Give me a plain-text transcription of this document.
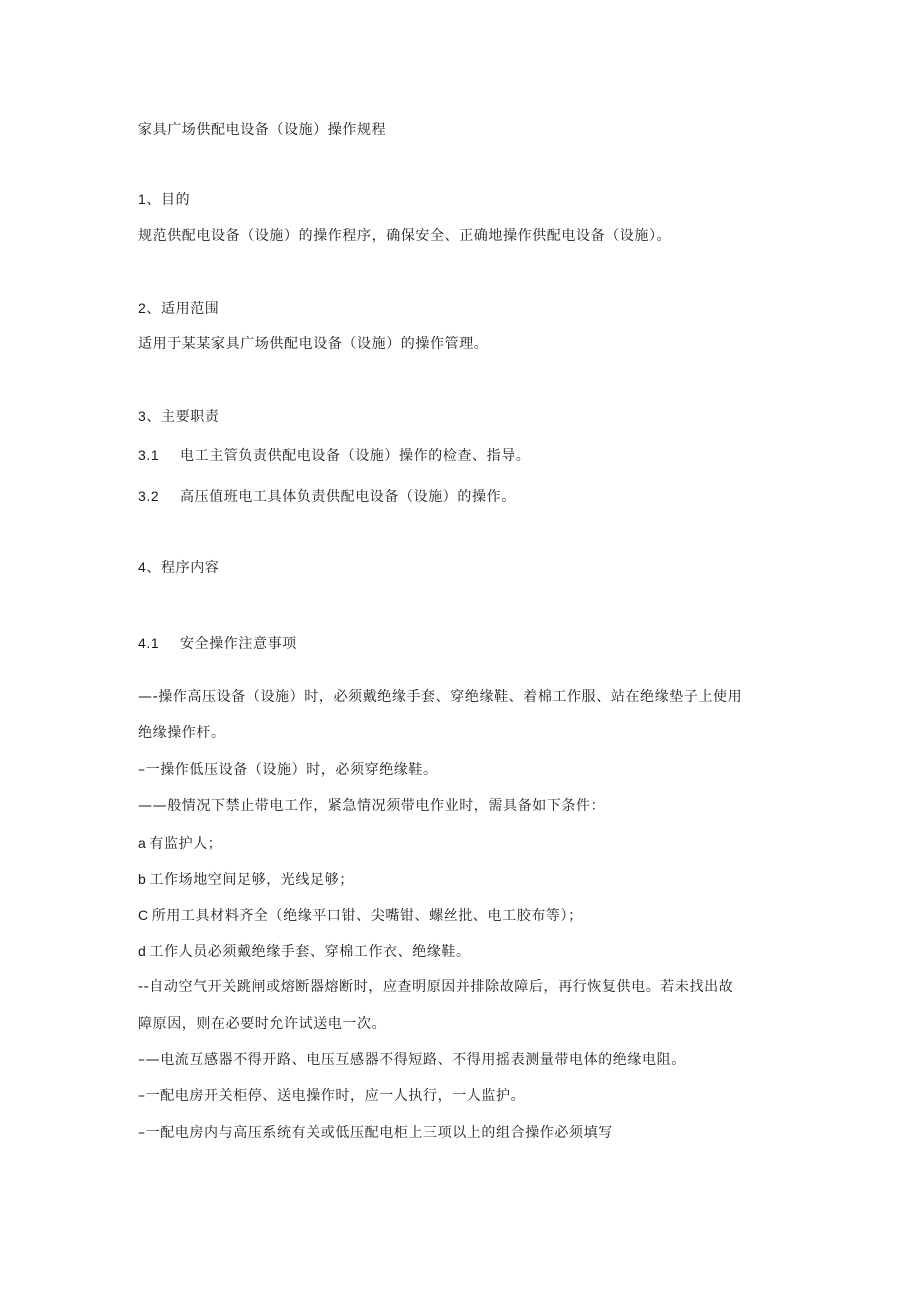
家具广场供配电设备（设施）操作规程
1、目的
规范供配电设备（设施）的操作程序，确保安全、正确地操作供配电设备（设施）。
2、适用范围
适用于某某家具广场供配电设备（设施）的操作管理。
3、主要职责
3.1 电工主管负责供配电设备（设施）操作的检查、指导。
3.2 高压值班电工具体负责供配电设备（设施）的操作。
4、程序内容
4.1 安全操作注意事项
—-操作高压设备（设施）时，必须戴绝缘手套、穿绝缘鞋、着棉工作服、站在绝缘垫子上使用
绝缘操作杆。
–一操作低压设备（设施）时，必须穿绝缘鞋。
——般情况下禁止带电工作，紧急情况须带电作业时，需具备如下条件：
a 有监护人；
b 工作场地空间足够，光线足够；
C 所用工具材料齐全（绝缘平口钳、尖嘴钳、螺丝批、电工胶布等）；
d 工作人员必须戴绝缘手套、穿棉工作衣、绝缘鞋。
--自动空气开关跳闸或熔断器熔断时，应查明原因并排除故障后，再行恢复供电。若未找出故
障原因，则在必要时允许试送电一次。
–—电流互感器不得开路、电压互感器不得短路、不得用摇表测量带电体的绝缘电阻。
–一配电房开关柜停、送电操作时，应一人执行，一人监护。
–一配电房内与高压系统有关或低压配电柜上三项以上的组合操作必须填写
